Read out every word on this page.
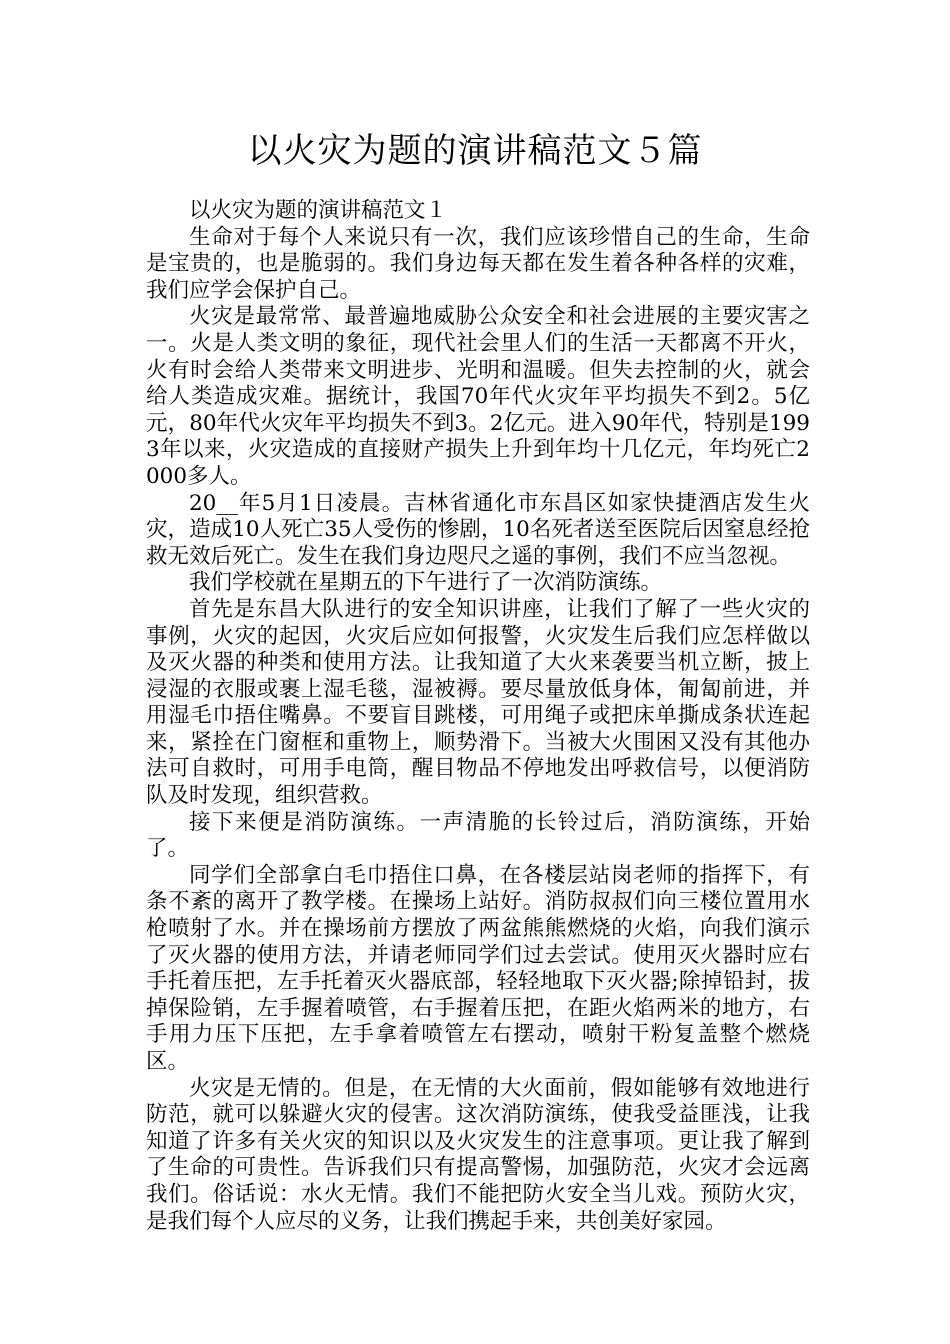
以火灾为题的演讲稿范文５篇

以火灾为题的演讲稿范文１

生命对于每个人来说只有一次，我们应该珍惜自己的生命，生命是宝贵的，也是脆弱的。我们身边每天都在发生着各种各样的灾难，我们应学会保护自己。

火灾是最常常、最普遍地威胁公众安全和社会进展的主要灾害之一。火是人类文明的象征，现代社会里人们的生活一天都离不开火，火有时会给人类带来文明进步、光明和温暖。但失去控制的火，就会给人类造成灾难。据统计，我国70年代火灾年平均损失不到2。5亿元，80年代火灾年平均损失不到3。2亿元。进入90年代，特别是1993年以来，火灾造成的直接财产损失上升到年均十几亿元，年均死亡2000多人。

20__年5月1日凌晨。吉林省通化市东昌区如家快捷酒店发生火灾，造成10人死亡35人受伤的惨剧，10名死者送至医院后因窒息经抢救无效后死亡。发生在我们身边咫尺之遥的事例，我们不应当忽视。

我们学校就在星期五的下午进行了一次消防演练。

首先是东昌大队进行的安全知识讲座，让我们了解了一些火灾的事例，火灾的起因，火灾后应如何报警，火灾发生后我们应怎样做以及灭火器的种类和使用方法。让我知道了大火来袭要当机立断，披上浸湿的衣服或裹上湿毛毯，湿被褥。要尽量放低身体，匍匐前进，并用湿毛巾捂住嘴鼻。不要盲目跳楼，可用绳子或把床单撕成条状连起来，紧拴在门窗框和重物上，顺势滑下。当被大火围困又没有其他办法可自救时，可用手电筒，醒目物品不停地发出呼救信号，以便消防队及时发现，组织营救。

接下来便是消防演练。一声清脆的长铃过后，消防演练，开始了。

同学们全部拿白毛巾捂住口鼻，在各楼层站岗老师的指挥下，有条不紊的离开了教学楼。在操场上站好。消防叔叔们向三楼位置用水枪喷射了水。并在操场前方摆放了两盆熊熊燃烧的火焰，向我们演示了灭火器的使用方法，并请老师同学们过去尝试。使用灭火器时应右手托着压把，左手托着灭火器底部，轻轻地取下灭火器;除掉铅封，拔掉保险销，左手握着喷管，右手握着压把，在距火焰两米的地方，右手用力压下压把，左手拿着喷管左右摆动，喷射干粉复盖整个燃烧区。

火灾是无情的。但是，在无情的大火面前，假如能够有效地进行防范，就可以躲避火灾的侵害。这次消防演练，使我受益匪浅，让我知道了许多有关火灾的知识以及火灾发生的注意事项。更让我了解到了生命的可贵性。告诉我们只有提高警惕，加强防范，火灾才会远离我们。俗话说：水火无情。我们不能把防火安全当儿戏。预防火灾，是我们每个人应尽的义务，让我们携起手来，共创美好家园。
